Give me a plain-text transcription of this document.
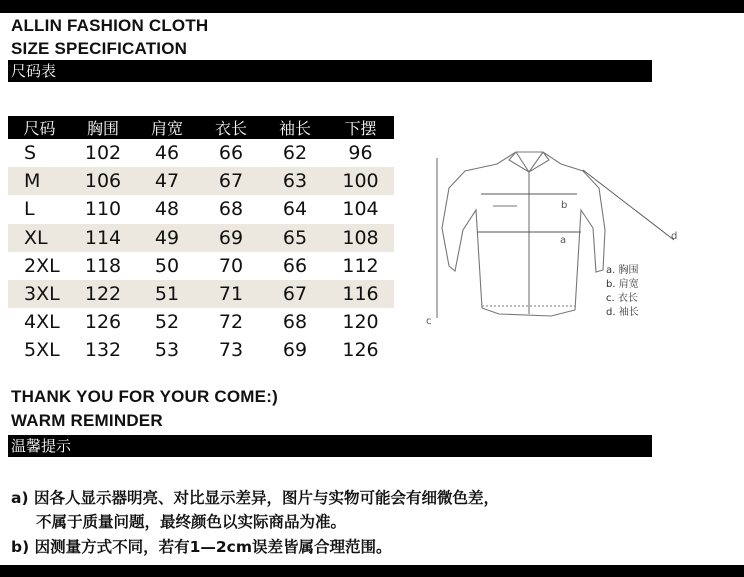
ALLIN FASHION CLOTH
SIZE SPECIFICATION
尺码表
尺码	胸围	肩宽	衣长	袖长	下摆
S	102	46	66	62	96
M	106	47	67	63	100
L	110	48	68	64	104
XL	114	49	69	65	108
2XL	118	50	70	66	112
3XL	122	51	71	67	116
4XL	126	52	72	68	120
5XL	132	53	73	69	126
a
b
c
d
a. 胸围
b. 肩宽
c. 衣长
d. 袖长
THANK YOU FOR YOUR COME:)
WARM REMINDER
温馨提示
a) 因各人显示器明亮、对比显示差异，图片与实物可能会有细微色差，
不属于质量问题，最终颜色以实际商品为准。
b) 因测量方式不同，若有1—2cm误差皆属合理范围。
